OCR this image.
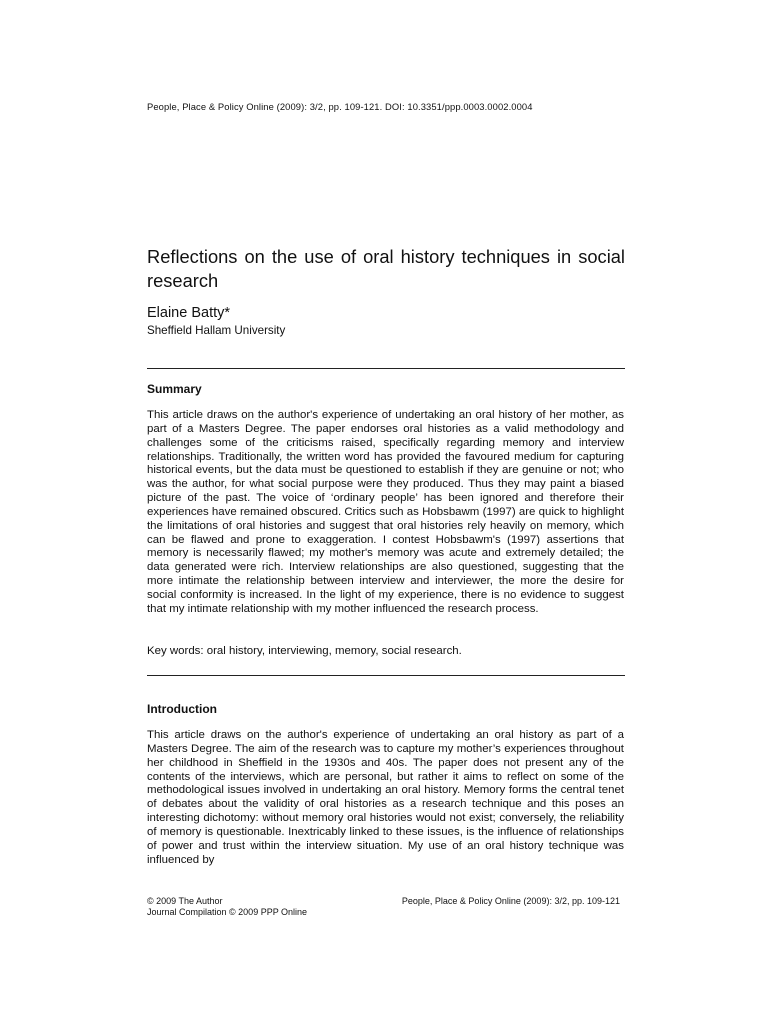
People, Place & Policy Online (2009): 3/2, pp. 109-121. DOI: 10.3351/ppp.0003.0002.0004
Reflections on the use of oral history techniques in social research
Elaine Batty*
Sheffield Hallam University
Summary

This article draws on the author's experience of undertaking an oral history of her mother, as part of a Masters Degree. The paper endorses oral histories as a valid methodology and challenges some of the criticisms raised, specifically regarding memory and interview relationships. Traditionally, the written word has provided the favoured medium for capturing historical events, but the data must be questioned to establish if they are genuine or not; who was the author, for what social purpose were they produced. Thus they may paint a biased picture of the past. The voice of ‘ordinary people’ has been ignored and therefore their experiences have remained obscured. Critics such as Hobsbawm (1997) are quick to highlight the limitations of oral histories and suggest that oral histories rely heavily on memory, which can be flawed and prone to exaggeration. I contest Hobsbawm's (1997) assertions that memory is necessarily flawed; my mother's memory was acute and extremely detailed; the data generated were rich. Interview relationships are also questioned, suggesting that the more intimate the relationship between interview and interviewer, the more the desire for social conformity is increased. In the light of my experience, there is no evidence to suggest that my intimate relationship with my mother influenced the research process.

Key words: oral history, interviewing, memory, social research.

Introduction

This article draws on the author's experience of undertaking an oral history as part of a Masters Degree. The aim of the research was to capture my mother’s experiences throughout her childhood in Sheffield in the 1930s and 40s. The paper does not present any of the contents of the interviews, which are personal, but rather it aims to reflect on some of the methodological issues involved in undertaking an oral history. Memory forms the central tenet of debates about the validity of oral histories as a research technique and this poses an interesting dichotomy: without memory oral histories would not exist; conversely, the reliability of memory is questionable. Inextricably linked to these issues, is the influence of relationships of power and trust within the interview situation. My use of an oral history technique was influenced by

© 2009 The Author
Journal Compilation © 2009 PPP Online
People, Place & Policy Online (2009): 3/2, pp. 109-121
